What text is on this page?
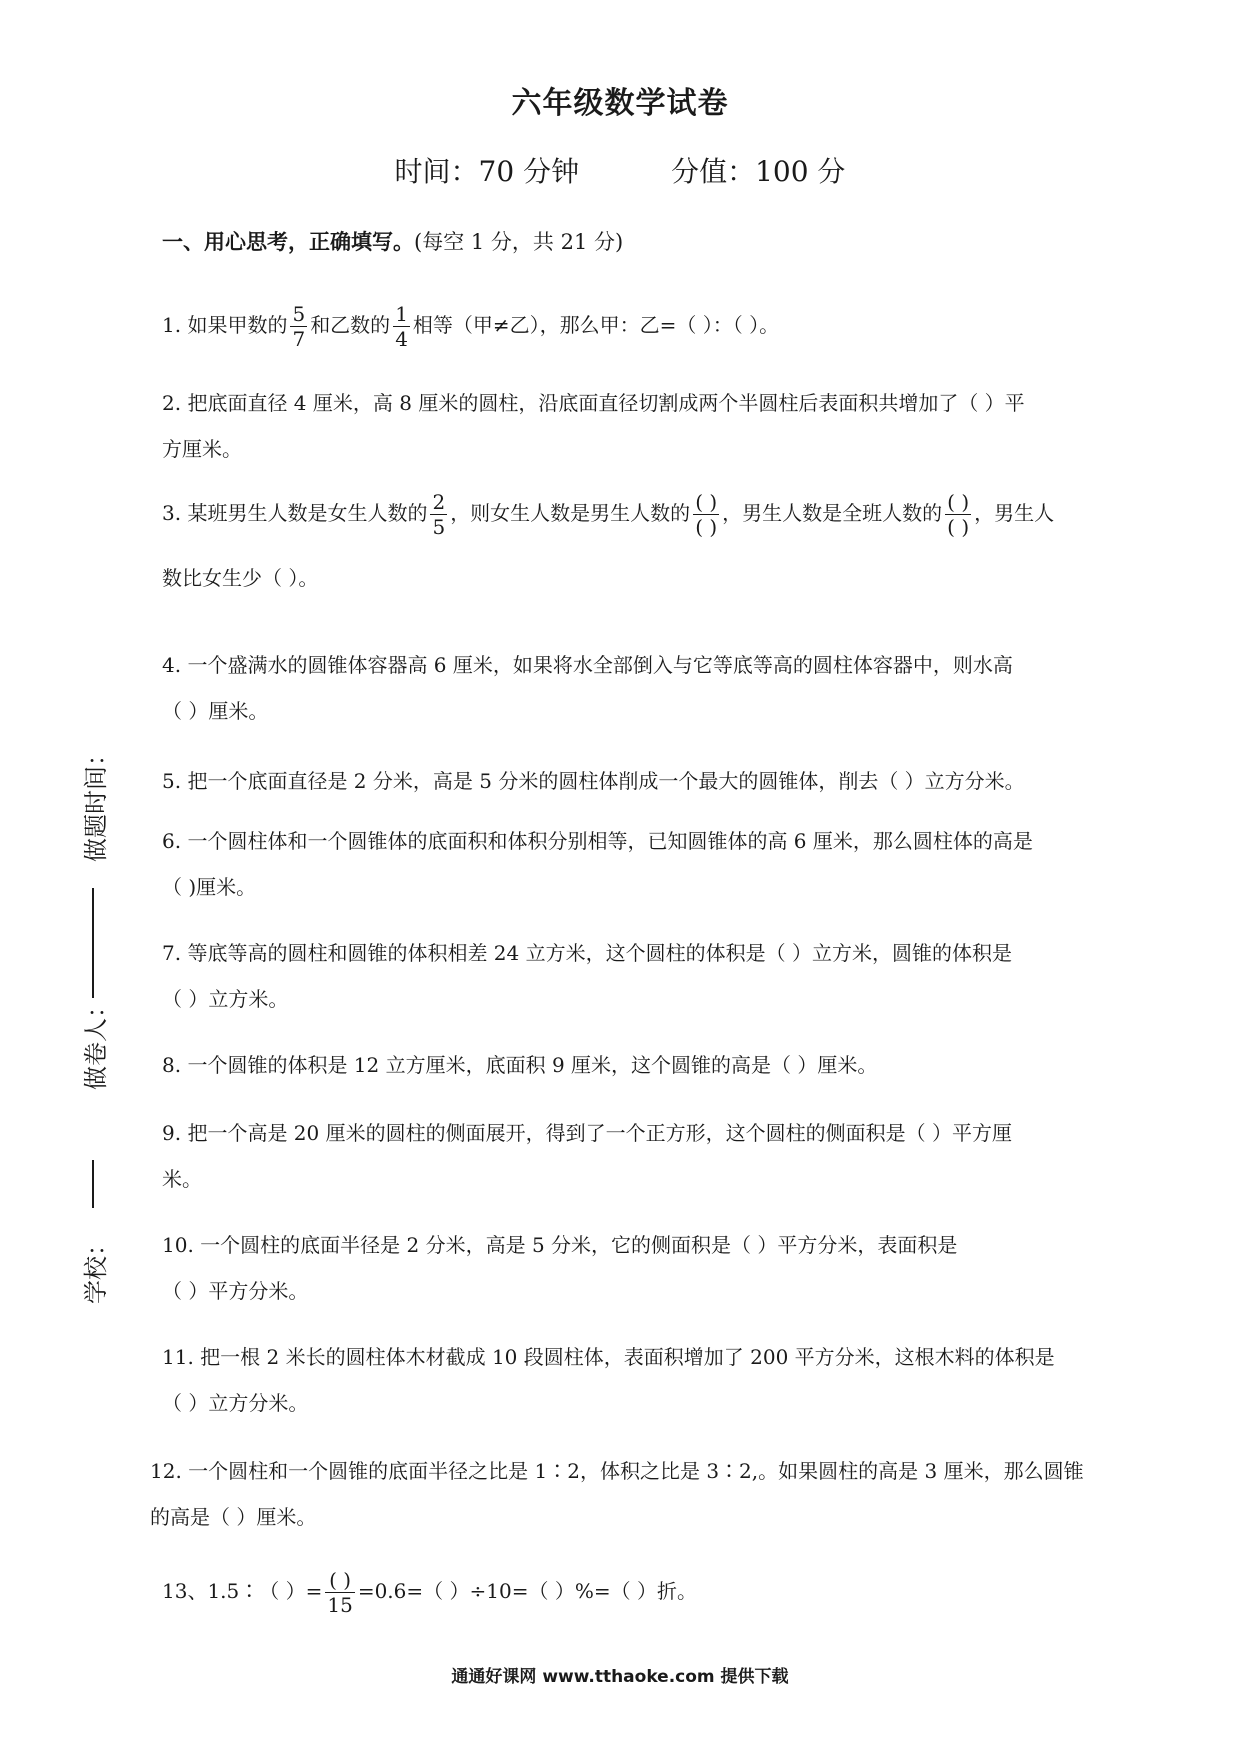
六年级数学试卷
时间：70 分钟	分值：100 分
一、用心思考，正确填写。(每空 1 分，共 21 分)
1. 如果甲数的 $\frac{5}{7}$ 和乙数的 $\frac{1}{4}$ 相等（甲≠乙），那么甲：乙=（ ）：（ ）。
2. 把底面直径 4 厘米，高 8 厘米的圆柱，沿底面直径切割成两个半圆柱后表面积共增加了（ ）平
方厘米。
3. 某班男生人数是女生人数的 $\frac{2}{5}$ ，则女生人数是男生人数的 $\frac{( )}{( )}$ ，男生人数是全班人数的 $\frac{( )}{( )}$ ，男生人
数比女生少（ ）。
4. 一个盛满水的圆锥体容器高 6 厘米，如果将水全部倒入与它等底等高的圆柱体容器中，则水高
（ ）厘米。
5. 把一个底面直径是 2 分米，高是 5 分米的圆柱体削成一个最大的圆锥体，削去（ ）立方分米。
6. 一个圆柱体和一个圆锥体的底面积和体积分别相等，已知圆锥体的高 6 厘米，那么圆柱体的高是
（ )厘米。
7. 等底等高的圆柱和圆锥的体积相差 24 立方米，这个圆柱的体积是（ ）立方米，圆锥的体积是
（ ）立方米。
8. 一个圆锥的体积是 12 立方厘米，底面积 9 厘米，这个圆锥的高是（ ）厘米。
9. 把一个高是 20 厘米的圆柱的侧面展开，得到了一个正方形，这个圆柱的侧面积是（ ）平方厘
米。
10. 一个圆柱的底面半径是 2 分米，高是 5 分米，它的侧面积是（ ）平方分米，表面积是
（ ）平方分米。
11. 把一根 2 米长的圆柱体木材截成 10 段圆柱体，表面积增加了 200 平方分米，这根木料的体积是
（ ）立方分米。
12. 一个圆柱和一个圆锥的底面半径之比是 1∶2，体积之比是 3∶2,。如果圆柱的高是 3 厘米，那么圆锥
的高是（ ）厘米。
13、1.5∶（ ）= $\frac{( )}{15} =0.6=$（ ）÷10=（ ）%=（ ）折。
做题时间：
做卷人：
学校：
通通好课网 www.tthaoke.com 提供下载
